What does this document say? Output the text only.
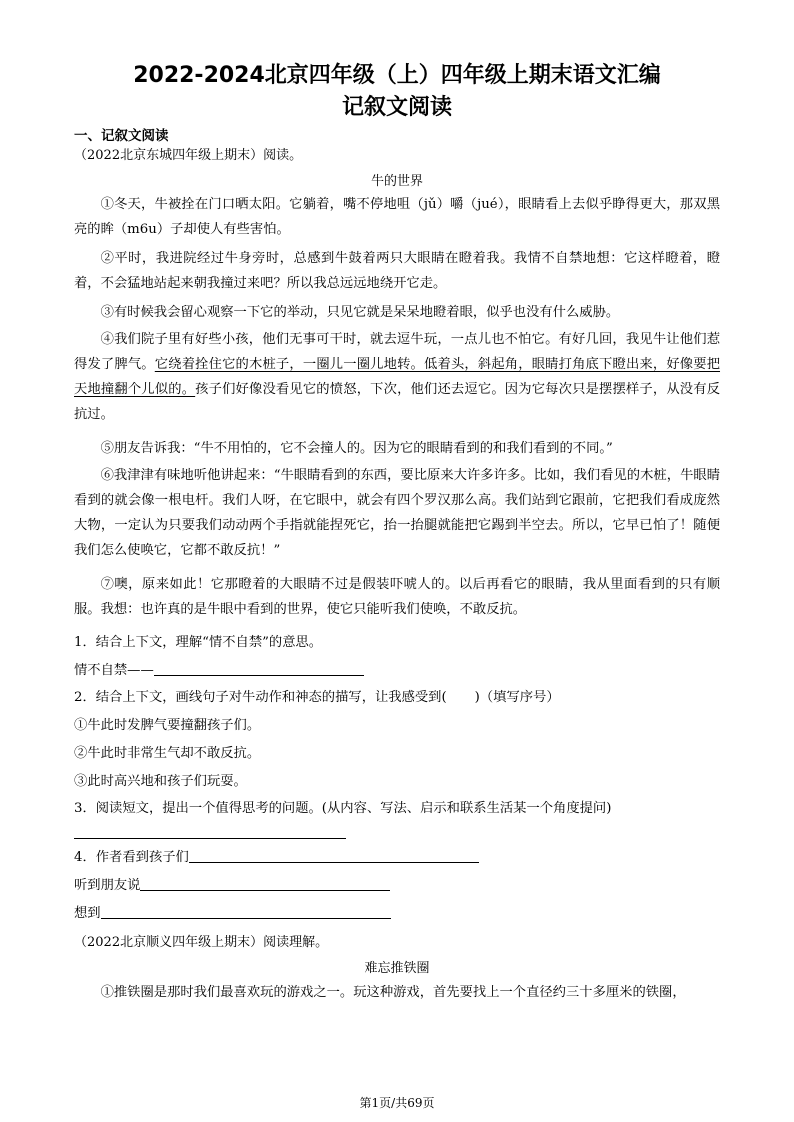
2022-2024北京四年级（上）四年级上期末语文汇编
记叙文阅读

一、记叙文阅读

（2022北京东城四年级上期末）阅读。

牛的世界

①冬天，牛被拴在门口晒太阳。它躺着，嘴不停地咀（jǔ）嚼（jué），眼睛看上去似乎睁得更大，那双黑亮的眸（m6u）子却使人有些害怕。

②平时，我进院经过牛身旁时，总感到牛鼓着两只大眼睛在瞪着我。我情不自禁地想：它这样瞪着，瞪着，不会猛地站起来朝我撞过来吧？所以我总远远地绕开它走。

③有时候我会留心观察一下它的举动，只见它就是呆呆地瞪着眼，似乎也没有什么威胁。

④我们院子里有好些小孩，他们无事可干时，就去逗牛玩，一点儿也不怕它。有好几回，我见牛让他们惹得发了脾气。它绕着拴住它的木桩子，一圈儿一圈儿地转。低着头，斜起角，眼睛打角底下瞪出来，好像要把天地撞翻个儿似的。孩子们好像没看见它的愤怒，下次，他们还去逗它。因为它每次只是摆摆样子，从没有反抗过。

⑤朋友告诉我：“牛不用怕的，它不会撞人的。因为它的眼睛看到的和我们看到的不同。”

⑥我津津有味地听他讲起来：“牛眼睛看到的东西，要比原来大许多许多。比如，我们看见的木桩，牛眼睛看到的就会像一根电杆。我们人呀，在它眼中，就会有四个罗汉那么高。我们站到它跟前，它把我们看成庞然大物，一定认为只要我们动动两个手指就能捏死它，抬一抬腿就能把它踢到半空去。所以，它早已怕了！随便我们怎么使唤它，它都不敢反抗！”

⑦噢，原来如此！它那瞪着的大眼睛不过是假装吓唬人的。以后再看它的眼睛，我从里面看到的只有顺服。我想：也许真的是牛眼中看到的世界，使它只能听我们使唤，不敢反抗。

1．结合上下文，理解“情不自禁”的意思。

情不自禁——

2．结合上下文，画线句子对牛动作和神态的描写，让我感受到( )（填写序号）

①牛此时发脾气要撞翻孩子们。

②牛此时非常生气却不敢反抗。

③此时高兴地和孩子们玩耍。

3．阅读短文，提出一个值得思考的问题。(从内容、写法、启示和联系生活某一个角度提问)

4．作者看到孩子们

听到朋友说

想到

（2022北京顺义四年级上期末）阅读理解。

难忘推铁圈

①推铁圈是那时我们最喜欢玩的游戏之一。玩这种游戏，首先要找上一个直径约三十多厘米的铁圈，

第1页/共69页
